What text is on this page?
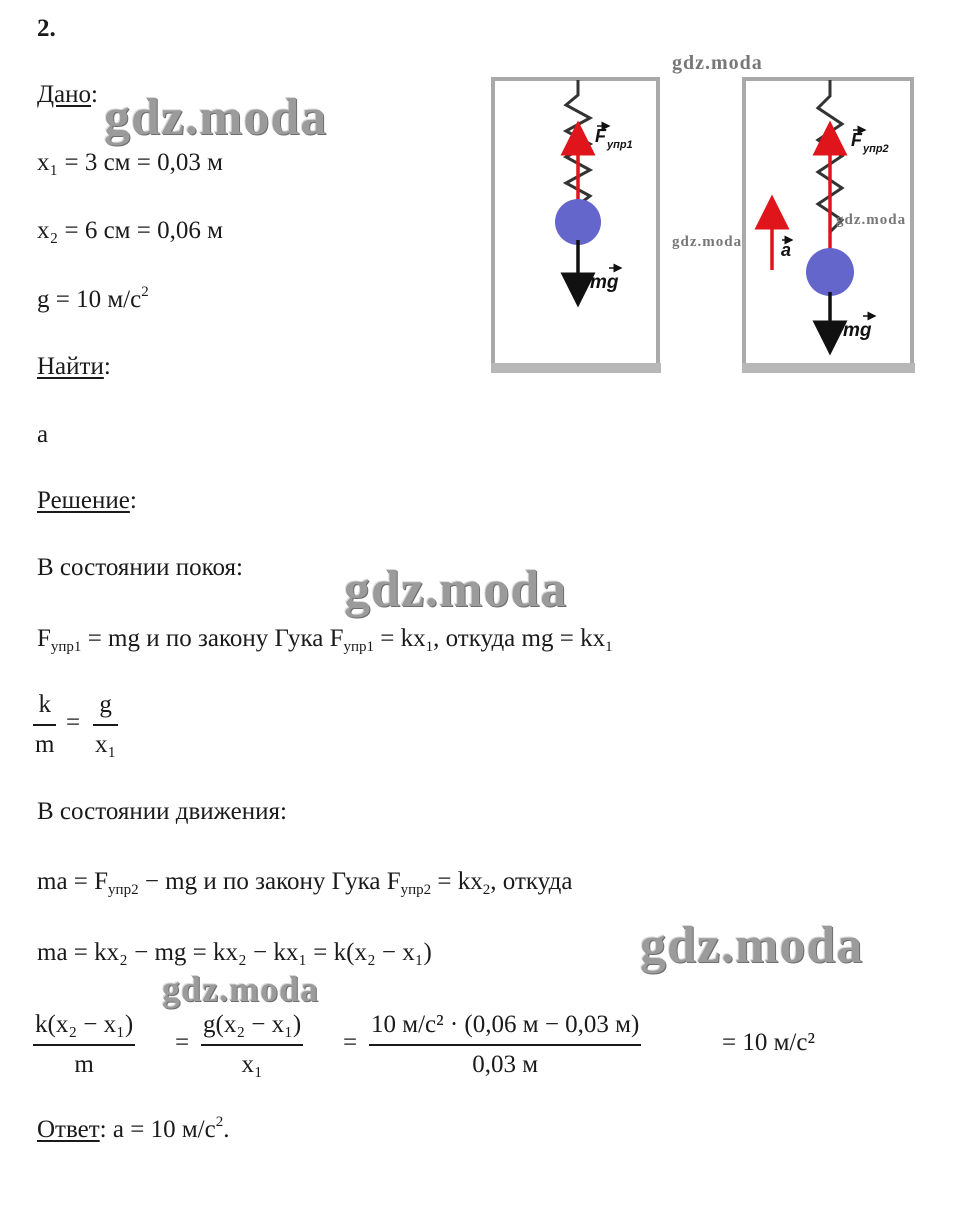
2.
Дано:
x₁ = 3 см = 0,03 м
x₂ = 6 см = 0,06 м
g = 10 $м/с^2$
Найти:
a
Решение:
В состоянии покоя:
$F_{упр1}$ = mg и по закону Гука $F_{упр1} = kx_1$, откуда mg = $kx_1$
k
m
=
g
x₁
В состоянии движения:
ma = $F_{упр2}$ − mg и по закону Гука $F_{упр2} = kx_2$, откуда
ma = kx₂ − mg = kx₂ − kx₁ = k(x₂ − x₁)
k(x₂ − x₁)
m
=
g(x₂ − x₁)
x₁
=
10 м/с² · (0,06 м − 0,03 м)
0,03 м
= 10 м/с²
Ответ: a = 10 $м/с^2$.
F упр1
mg
F упр2
a
mg
gdz.moda
gdz.moda
gdz.moda
gdz.moda
gdz.moda
gdz.moda
gdz.moda
